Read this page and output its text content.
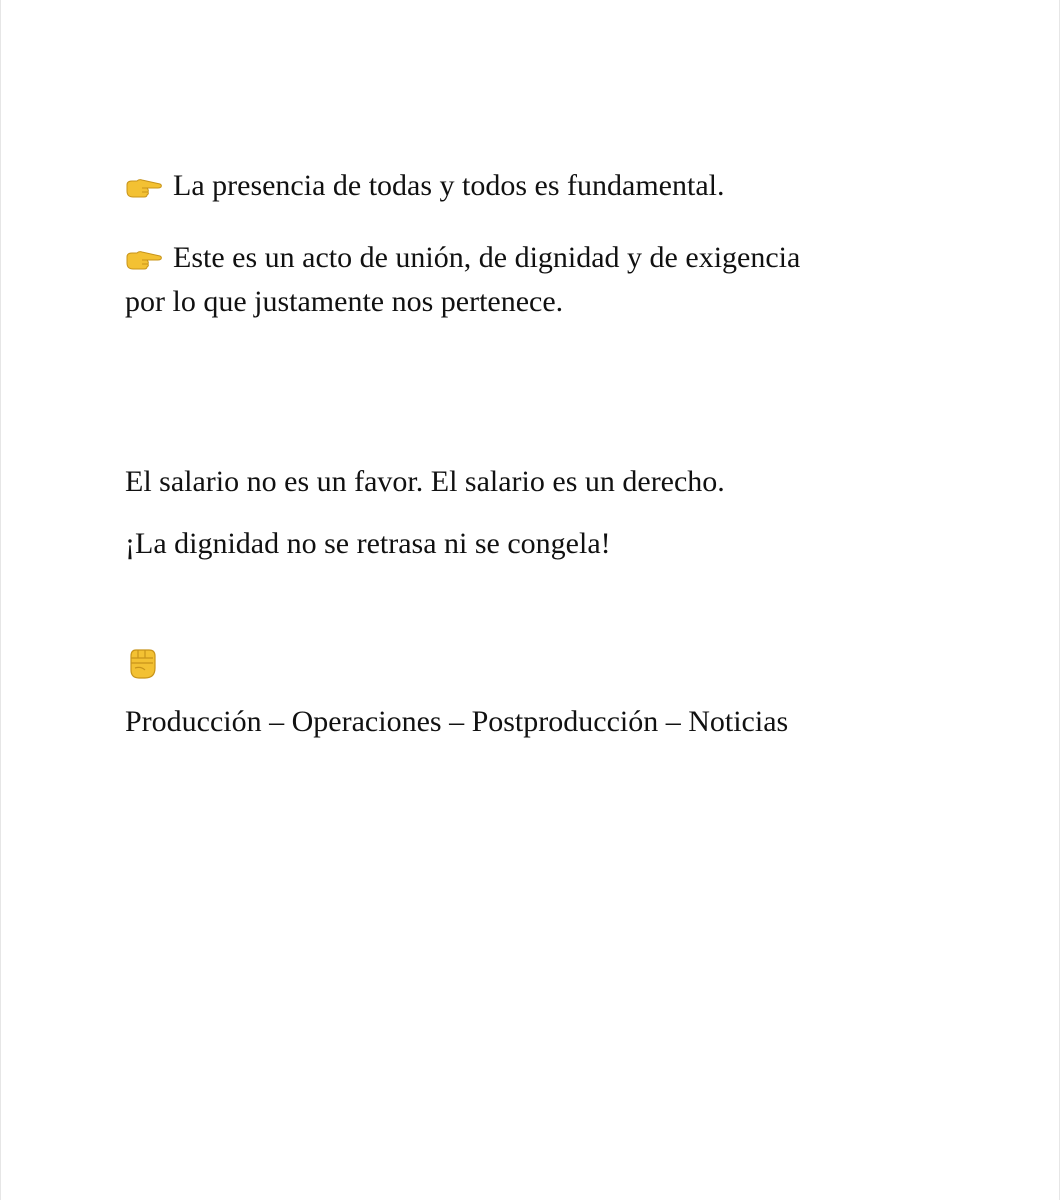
La presencia de todas y todos es fundamental.
Este es un acto de unión, de dignidad y de exigencia
por lo que justamente nos pertenece.
El salario no es un favor. El salario es un derecho.
¡La dignidad no se retrasa ni se congela!
Producción – Operaciones – Postproducción – Noticias
